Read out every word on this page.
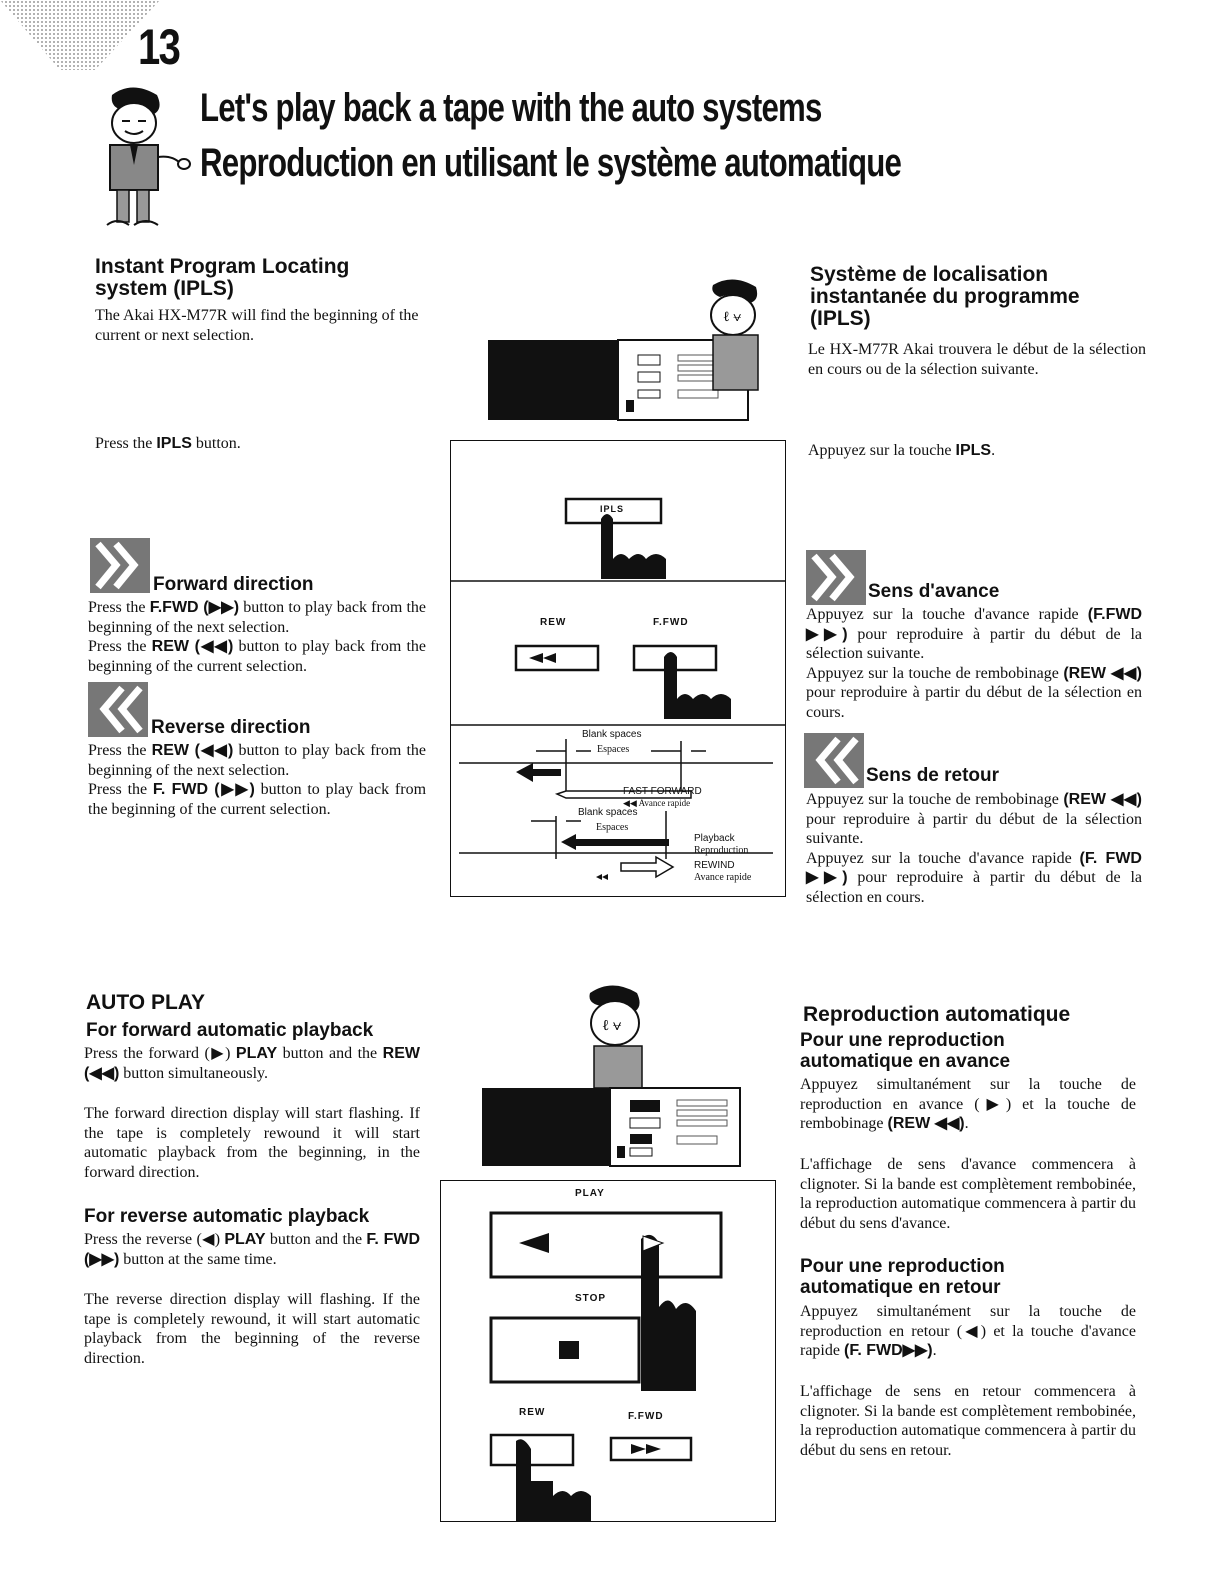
13
Let's play back a tape with the auto systems
Reproduction en utilisant le système automatique
Instant Program Locating system (IPLS)
The Akai HX-M77R will find the beginning of the current or next selection.
Press the IPLS button.
Système de localisation instantanée du programme (IPLS)
Le HX-M77R Akai trouvera le début de la sélection en cours ou de la sélection suivante.
Appuyez sur la touche IPLS.
ℓ ⩝
REW	F.FWD
IPLS
Blank spaces
Espaces
FAST FORWARD
◀◀ Avance rapide
Blank spaces
Espaces
Playback
Reproduction
REWIND
Avance rapide
Forward direction
Press the F.FWD (▶▶) button to play back from the beginning of the next selection.
Press the REW (◀◀) button to play back from the beginning of the current selection.
Reverse direction
Press the REW (◀◀) button to play back from the beginning of the next selection.
Press the F. FWD (▶▶) button to play back from the beginning of the current selection.
Sens d'avance
Appuyez sur la touche d'avance rapide (F.FWD ▶▶) pour reproduire à partir du début de la sélection suivante.
Appuyez sur la touche de rembobinage (REW ◀◀) pour reproduire à partir du début de la sélection en cours.
Sens de retour
Appuyez sur la touche de rembobinage (REW ◀◀) pour reproduire à partir du début de la sélection suivante.
Appuyez sur la touche d'avance rapide (F. FWD ▶▶) pour reproduire à partir du début de la sélection en cours.
AUTO PLAY
For forward automatic playback
Press the forward (▶) PLAY button and the REW (◀◀) button simultaneously.
The forward direction display will start flashing. If the tape is completely rewound it will start automatic playback from the beginning, in the forward direction.
For reverse automatic playback
Press the reverse (◀) PLAY button and the F. FWD (▶▶) button at the same time.
The reverse direction display will flashing. If the tape is completely rewound, it will start automatic playback from the beginning of the reverse direction.
Reproduction automatique
Pour une reproduction automatique en avance
Appuyez simultanément sur la touche de reproduction en avance (▶) et la touche de rembobinage (REW ◀◀).
L'affichage de sens d'avance commencera à clignoter. Si la bande est complètement rembobinée, la reproduction automatique commencera à partir du début du sens d'avance.
Pour une reproduction automatique en retour
Appuyez simultanément sur la touche de reproduction en retour (◀) et la touche d'avance rapide (F. FWD▶▶).
L'affichage de sens en retour commencera à clignoter. Si la bande est complètement rembobinée, la reproduction automatique commencera à partir du début du sens en retour.
ℓ ⩝
PLAY
STOP
REW	F.FWD
